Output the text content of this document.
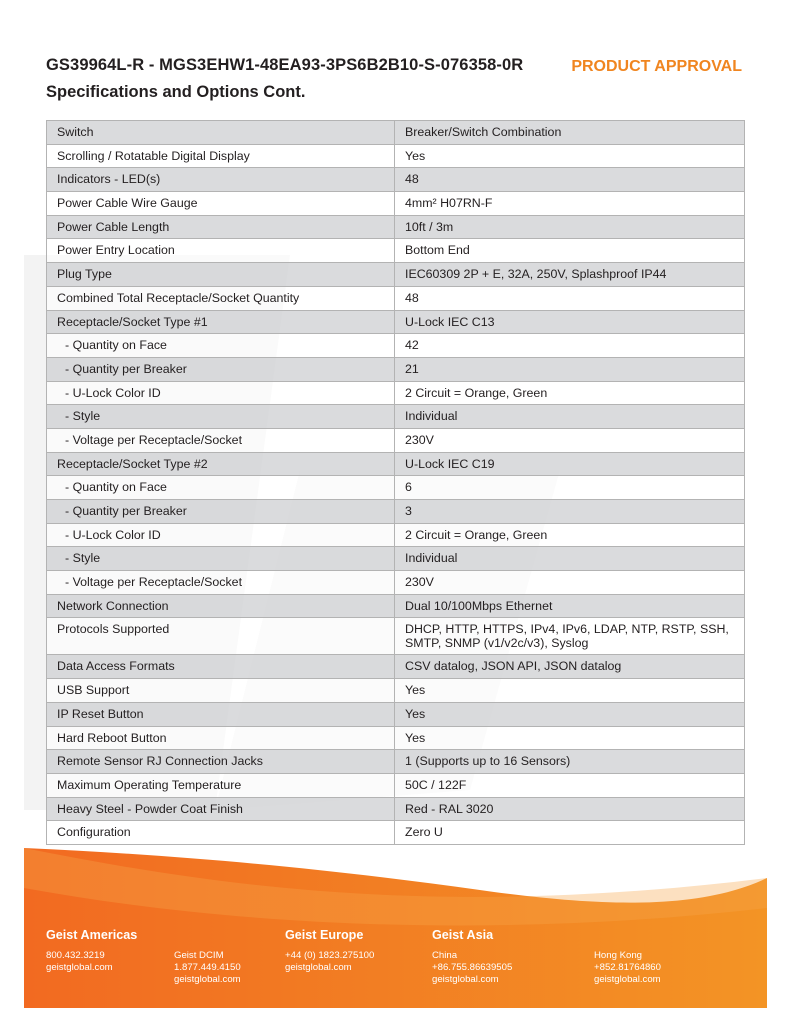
GS39964L-R - MGS3EHW1-48EA93-3PS6B2B10-S-076358-0R	PRODUCT APPROVAL
Specifications and Options Cont.
Switch	Breaker/Switch Combination
Scrolling / Rotatable Digital Display	Yes
Indicators - LED(s)	48
Power Cable Wire Gauge	4mm² H07RN-F
Power Cable Length	10ft / 3m
Power Entry Location	Bottom End
Plug Type	IEC60309 2P + E, 32A, 250V, Splashproof IP44
Combined Total Receptacle/Socket Quantity	48
Receptacle/Socket Type #1	U-Lock IEC C13
- Quantity on Face	42
- Quantity per Breaker	21
- U-Lock Color ID	2 Circuit = Orange, Green
- Style	Individual
- Voltage per Receptacle/Socket	230V
Receptacle/Socket Type #2	U-Lock IEC C19
- Quantity on Face	6
- Quantity per Breaker	3
- U-Lock Color ID	2 Circuit = Orange, Green
- Style	Individual
- Voltage per Receptacle/Socket	230V
Network Connection	Dual 10/100Mbps Ethernet
Protocols Supported	DHCP, HTTP, HTTPS, IPv4, IPv6, LDAP, NTP, RSTP, SSH, SMTP, SNMP (v1/v2c/v3), Syslog
Data Access Formats	CSV datalog, JSON API, JSON datalog
USB Support	Yes
IP Reset Button	Yes
Hard Reboot Button	Yes
Remote Sensor RJ Connection Jacks	1 (Supports up to 16 Sensors)
Maximum Operating Temperature	50C / 122F
Heavy Steel - Powder Coat Finish	Red - RAL 3020
Configuration	Zero U
Geist Americas
800.432.3219
geistglobal.com
Geist DCIM
1.877.449.4150
geistglobal.com
Geist Europe
+44 (0) 1823.275100
geistglobal.com
Geist Asia
China
+86.755.86639505
geistglobal.com
Hong Kong
+852.81764860
geistglobal.com
